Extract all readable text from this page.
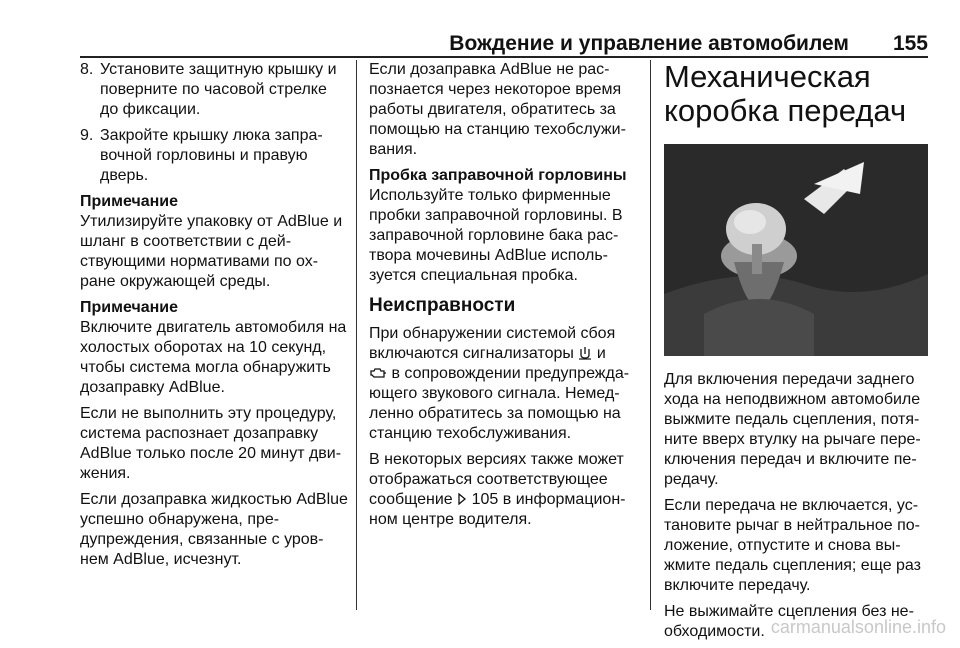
Вождение и управление автомобилем 155
8. Установите защитную крышку и поверните по часовой стрелке до фиксации.
9. Закройте крышку люка запра-вочной горловины и правую дверь.
Примечание

Утилизируйте упаковку от AdBlue и шланг в соответствии с дей-ствующими нормативами по ох-ране окружающей среды.

Примечание

Включите двигатель автомобиля на холостых оборотах на 10 секунд, чтобы система могла обнаружить дозаправку AdBlue.

Если не выполнить эту процедуру, система распознает дозаправку AdBlue только после 20 минут дви-жения.

Если дозаправка жидкостью AdBlue успешно обнаружена, пре-дупреждения, связанные с уров-нем AdBlue, исчезнут.

Если дозаправка AdBlue не рас-познается через некоторое время работы двигателя, обратитесь за помощью на станцию техобслужи-вания.

Пробка заправочной горловины

Используйте только фирменные пробки заправочной горловины. В заправочной горловине бака рас-твора мочевины AdBlue исполь-зуется специальная пробка.

Неисправности

При обнаружении системой сбоя включаются сигнализаторы и
в сопровождении предупрежда-ющего звукового сигнала. Немед-ленно обратитесь за помощью на станцию техобслуживания.

В некоторых версиях также может отображаться соответствующее сообщение 105 в информацион-ном центре водителя.

Механическая коробка передач

Для включения передачи заднего хода на неподвижном автомобиле выжмите педаль сцепления, потя-ните вверх втулку на рычаге пере-ключения передач и включите пе-редачу.

Если передача не включается, ус-тановите рычаг в нейтральное по-ложение, отпустите и снова вы-жмите педаль сцепления; еще раз включите передачу.

Не выжимайте сцепления без не-обходимости. carmanualsonline.info
